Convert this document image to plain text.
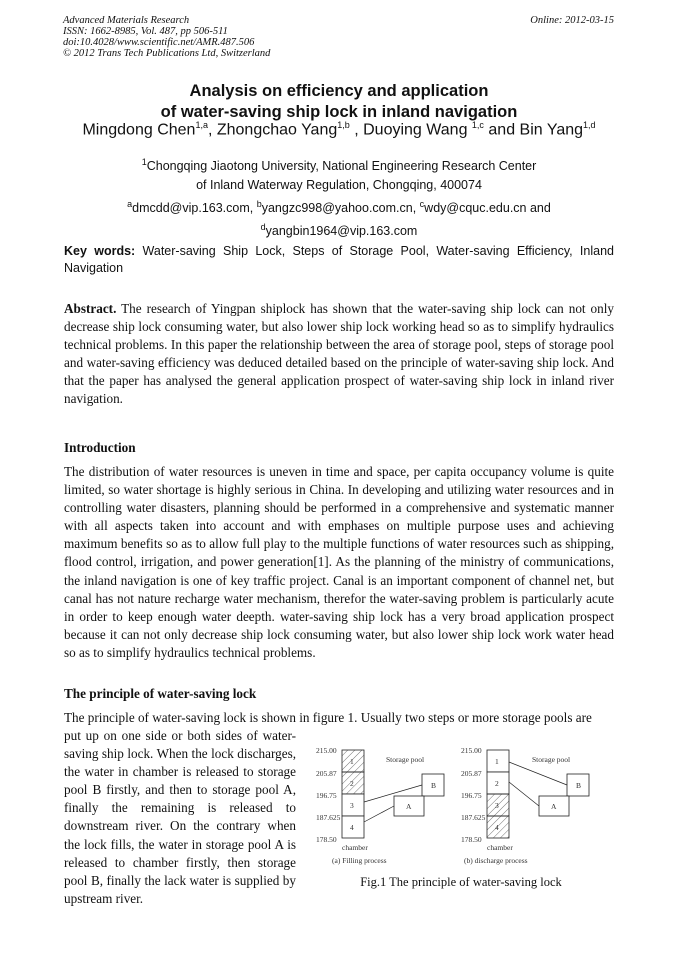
Advanced Materials Research
ISSN: 1662-8985, Vol. 487, pp 506-511
doi:10.4028/www.scientific.net/AMR.487.506
© 2012 Trans Tech Publications Ltd, Switzerland
Online: 2012-03-15
Analysis on efficiency and application
of water-saving ship lock in inland navigation
Mingdong Chen$^{1,a}$, Zhongchao Yang$^{1,b}$ , Duoying Wang $^{1,c}$ and Bin Yang$^{1,d}$
$^1$Chongqing Jiaotong University, National Engineering Research Center
of Inland Waterway Regulation, Chongqing, 400074
$^a$dmcdd@vip.163.com, $^b$yangzc998@yahoo.com.cn, $^c$wdy@cquc.edu.cn and
$^d$yangbin1964@vip.163.com

Key words: Water-saving Ship Lock, Steps of Storage Pool, Water-saving Efficiency, Inland Navigation

Abstract. The research of Yingpan shiplock has shown that the water-saving ship lock can not only decrease ship lock consuming water, but also lower ship lock working head so as to simplify hydraulics technical problems. In this paper the relationship between the area of storage pool, steps of storage pool and water-saving efficiency was deduced detailed based on the principle of water-saving ship lock. And that the paper has analysed the general application prospect of water-saving ship lock in inland river navigation.
Introduction
The distribution of water resources is uneven in time and space, per capita occupancy volume is quite limited, so water shortage is highly serious in China. In developing and utilizing water resources and in controlling water disasters, planning should be performed in a comprehensive and systematic manner with all aspects taken into account and with emphases on multiple purpose uses and achieving maximum benefits so as to allow full play to the multiple functions of water resources such as shipping, flood control, irrigation, and power generation[1]. As the planning of the ministry of communications, the inland navigation is one of key traffic project. Canal is an important component of channel net, but canal has not nature recharge water mechanism, therefor the water-saving problem is particularly acute in order to keep enough water deepth. water-saving ship lock has a very broad application prospect because it can not only decrease ship lock consuming water, but also lower ship lock work water head so as to simplify hydraulics technical problems.
The principle of water-saving lock
The principle of water-saving lock is shown in figure 1. Usually two steps or more storage pools are
put up on one side or both sides of water-saving ship lock. When the lock discharges, the water in chamber is released to storage pool B firstly, and then to storage pool A, finally the remaining is released to downstream river. On the contrary when the lock fills, the water in storage pool A is released to chamber firstly, then storage pool B, finally the lack water is supplied by upstream river.
215.00
205.87
196.75
187.625
178.50
1
2
3
4
Storage pool
B
A
chamber
(a) Filling process
215.00
205.87
196.75
187.625
178.50
1
2
3
4
Storage pool
B
A
chamber
(b) discharge process
Fig.1 The principle of water-saving lock
